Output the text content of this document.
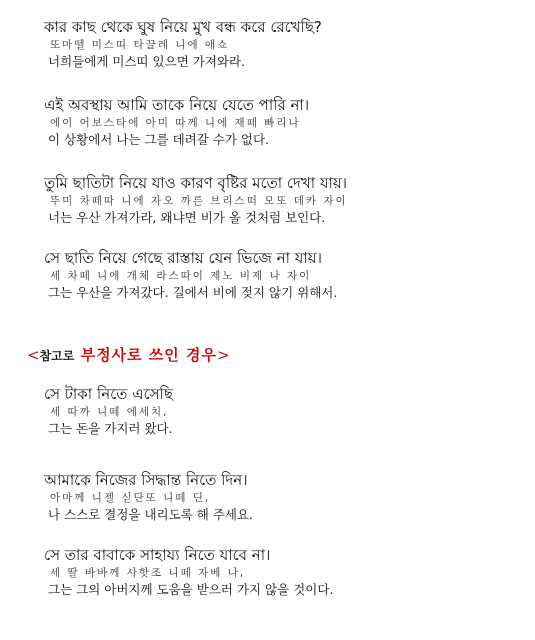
কার কাছ থেকে ঘুষ নিয়ে মুখ বন্ধ করে রেখেছি?
또마뗄 미스띠 타끌레 니에 애쇼
너희들에게 미스띠 있으면 가져와라.
এই অবস্থায় আমি তাকে নিয়ে যেতে পারি না।
에이 어보스타에 아미 따께 니에 재떼 빠리나
이 상황에서 나는 그를 데려갈 수가 없다.
তুমি ছাতিটা নিয়ে যাও কারণ বৃষ্টির মতো দেখা যায়।
뚜미 차떼따 니에 자오 까른 브리스떠 모또 데카 자이
너는 우산 가져가라, 왜냐면 비가 올 것처럼 보인다.
সে ছাতি নিয়ে গেছে রাস্তায় যেন ভিজে না যায়।
세 차떼 니에 개체 라스따이 제노 비제 나 자이
그는 우산을 가져갔다. 길에서 비에 젖지 않기 위해서.
<참고로 부정사로 쓰인 경우>
সে টাকা নিতে এসেছি
세 따까 니떼 에세치,
그는 돈을 가지러 왔다.
আমাকে নিজের সিদ্ধান্ত নিতে দিন।
아마께 니젤 싣단또 니떼 딘,
나 스스로 결정을 내리도록 해 주세요.
সে তার বাবাকে সাহায্য নিতে যাবে না।
세 딸 바바께 사핫조 니떼 자베 나,
그는 그의 아버지께 도움을 받으러 가지 않을 것이다.
